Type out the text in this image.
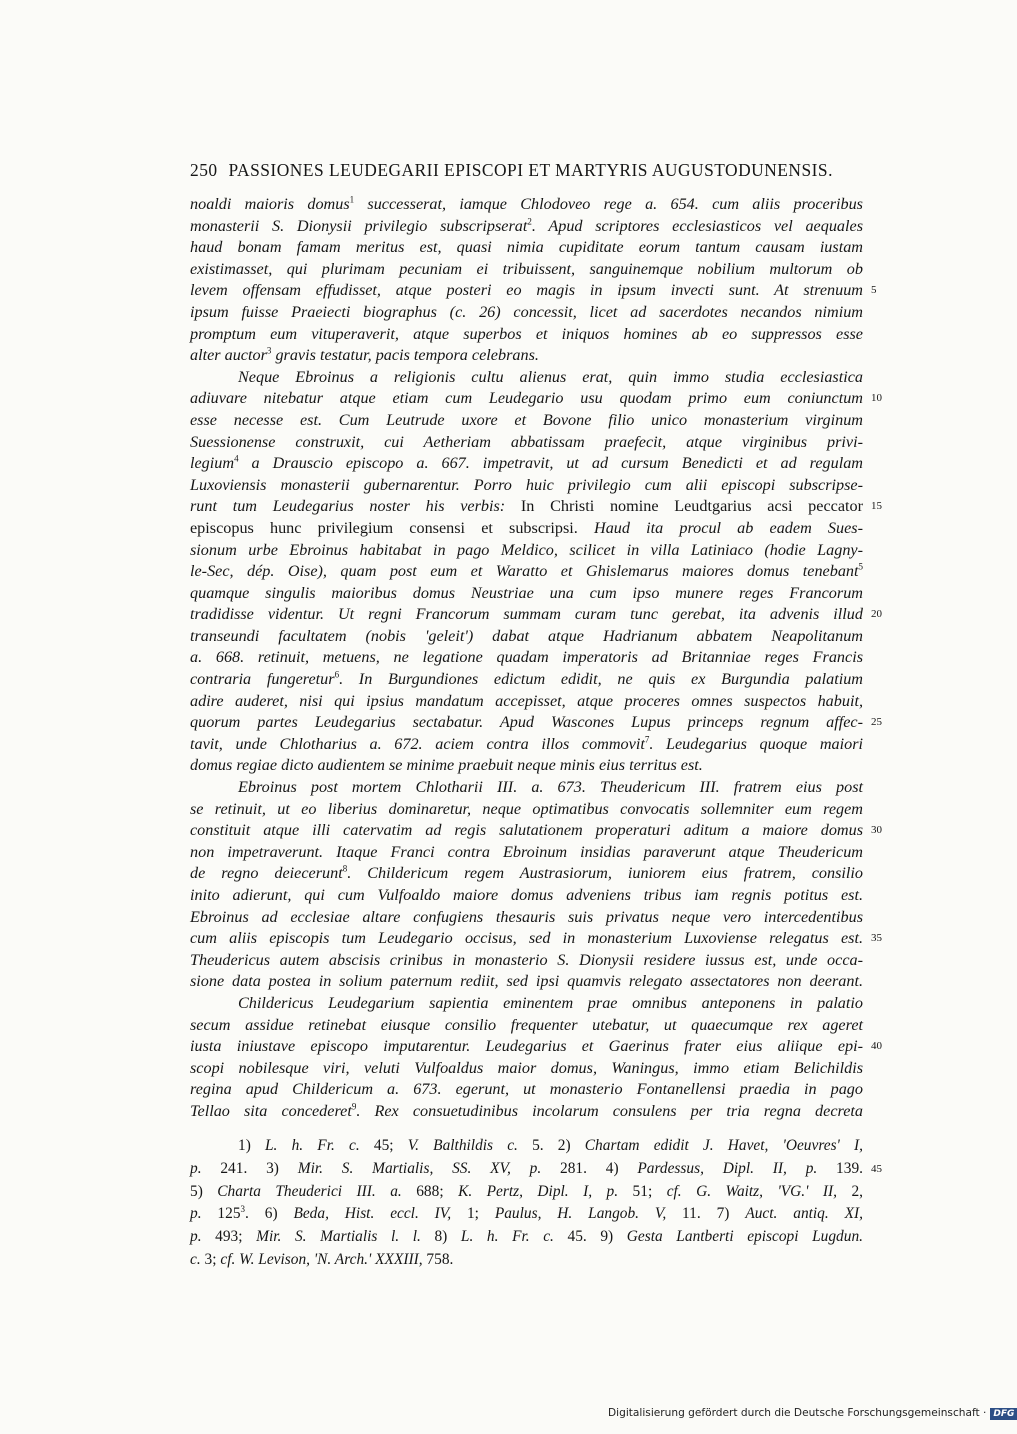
250 PASSIONES LEUDEGARII EPISCOPI ET MARTYRIS AUGUSTODUNENSIS.
noaldi maioris domus$^1$ successerat, iamque Chlodoveo rege a. 654. cum aliis proceribus
monasterii S. Dionysii privilegio subscripserat$^2$. Apud scriptores ecclesiasticos vel aequales
haud bonam famam meritus est, quasi nimia cupiditate eorum tantum causam iustam
existimasset, qui plurimam pecuniam ei tribuissent, sanguinemque nobilium multorum ob
levem offensam effudisset, atque posteri eo magis in ipsum invecti sunt. At strenuum 5
ipsum fuisse Praeiecti biographus (c. 26) concessit, licet ad sacerdotes necandos nimium
promptum eum vituperaverit, atque superbos et iniquos homines ab eo suppressos esse
alter auctor$^3$ gravis testatur, pacis tempora celebrans.
Neque Ebroinus a religionis cultu alienus erat, quin immo studia ecclesiastica
adiuvare nitebatur atque etiam cum Leudegario usu quodam primo eum coniunctum 10
esse necesse est. Cum Leutrude uxore et Bovone filio unico monasterium virginum
Suessionense construxit, cui Aetheriam abbatissam praefecit, atque virginibus privi-
legium$^4$ a Drauscio episcopo a. 667. impetravit, ut ad cursum Benedicti et ad regulam
Luxoviensis monasterii gubernarentur. Porro huic privilegio cum alii episcopi subscripse-
runt tum Leudegarius noster his verbis: In Christi nomine Leudtgarius acsi peccator 15
episcopus hunc privilegium consensi et subscripsi. Haud ita procul ab eadem Sues-
sionum urbe Ebroinus habitabat in pago Meldico, scilicet in villa Latiniaco (hodie Lagny-
le-Sec, dép. Oise), quam post eum et Waratto et Ghislemarus maiores domus tenebant$^5$
quamque singulis maioribus domus Neustriae una cum ipso munere reges Francorum
tradidisse videntur. Ut regni Francorum summam curam tunc gerebat, ita advenis illud 20
transeundi facultatem (nobis 'geleit') dabat atque Hadrianum abbatem Neapolitanum
a. 668. retinuit, metuens, ne legatione quadam imperatoris ad Britanniae reges Francis
contraria fungeretur$^6$. In Burgundiones edictum edidit, ne quis ex Burgundia palatium
adire auderet, nisi qui ipsius mandatum accepisset, atque proceres omnes suspectos habuit,
quorum partes Leudegarius sectabatur. Apud Wascones Lupus princeps regnum affec- 25
tavit, unde Chlotharius a. 672. aciem contra illos commovit$^7$. Leudegarius quoque maiori
domus regiae dicto audientem se minime praebuit neque minis eius territus est.
Ebroinus post mortem Chlotharii III. a. 673. Theudericum III. fratrem eius post
se retinuit, ut eo liberius dominaretur, neque optimatibus convocatis sollemniter eum regem
constituit atque illi catervatim ad regis salutationem properaturi aditum a maiore domus 30
non impetraverunt. Itaque Franci contra Ebroinum insidias paraverunt atque Theudericum
de regno deiecerunt$^8$. Childericum regem Austrasiorum, iuniorem eius fratrem, consilio
inito adierunt, qui cum Vulfoaldo maiore domus adveniens tribus iam regnis potitus est.
Ebroinus ad ecclesiae altare confugiens thesauris suis privatus neque vero intercedentibus
cum aliis episcopis tum Leudegario occisus, sed in monasterium Luxoviense relegatus est. 35
Theudericus autem abscisis crinibus in monasterio S. Dionysii residere iussus est, unde occa-
sione data postea in solium paternum rediit, sed ipsi quamvis relegato assectatores non deerant.
Childericus Leudegarium sapientia eminentem prae omnibus anteponens in palatio
secum assidue retinebat eiusque consilio frequenter utebatur, ut quaecumque rex ageret
iusta iniustave episcopo imputarentur. Leudegarius et Gaerinus frater eius aliique epi- 40
scopi nobilesque viri, veluti Vulfoaldus maior domus, Waningus, immo etiam Belichildis
regina apud Childericum a. 673. egerunt, ut monasterio Fontanellensi praedia in pago
Tellao sita concederet$^9$. Rex consuetudinibus incolarum consulens per tria regna decreta
1) L. h. Fr. c. 45; V. Balthildis c. 5. 2) Chartam edidit J. Havet, 'Oeuvres' I,
p. 241. 3) Mir. S. Martialis, SS. XV, p. 281. 4) Pardessus, Dipl. II, p. 139. 45
5) Charta Theuderici III. a. 688; K. Pertz, Dipl. I, p. 51; cf. G. Waitz, 'VG.' II, 2,
p. $125^3$. 6) Beda, Hist. eccl. IV, 1; Paulus, H. Langob. V, 11. 7) Auct. antiq. XI,
p. 493; Mir. S. Martialis l. l. 8) L. h. Fr. c. 45. 9) Gesta Lantberti episcopi Lugdun.
c. 3; cf. W. Levison, 'N. Arch.' XXXIII, 758.
Digitalisierung gefördert durch die Deutsche Forschungsgemeinschaft · DFG
